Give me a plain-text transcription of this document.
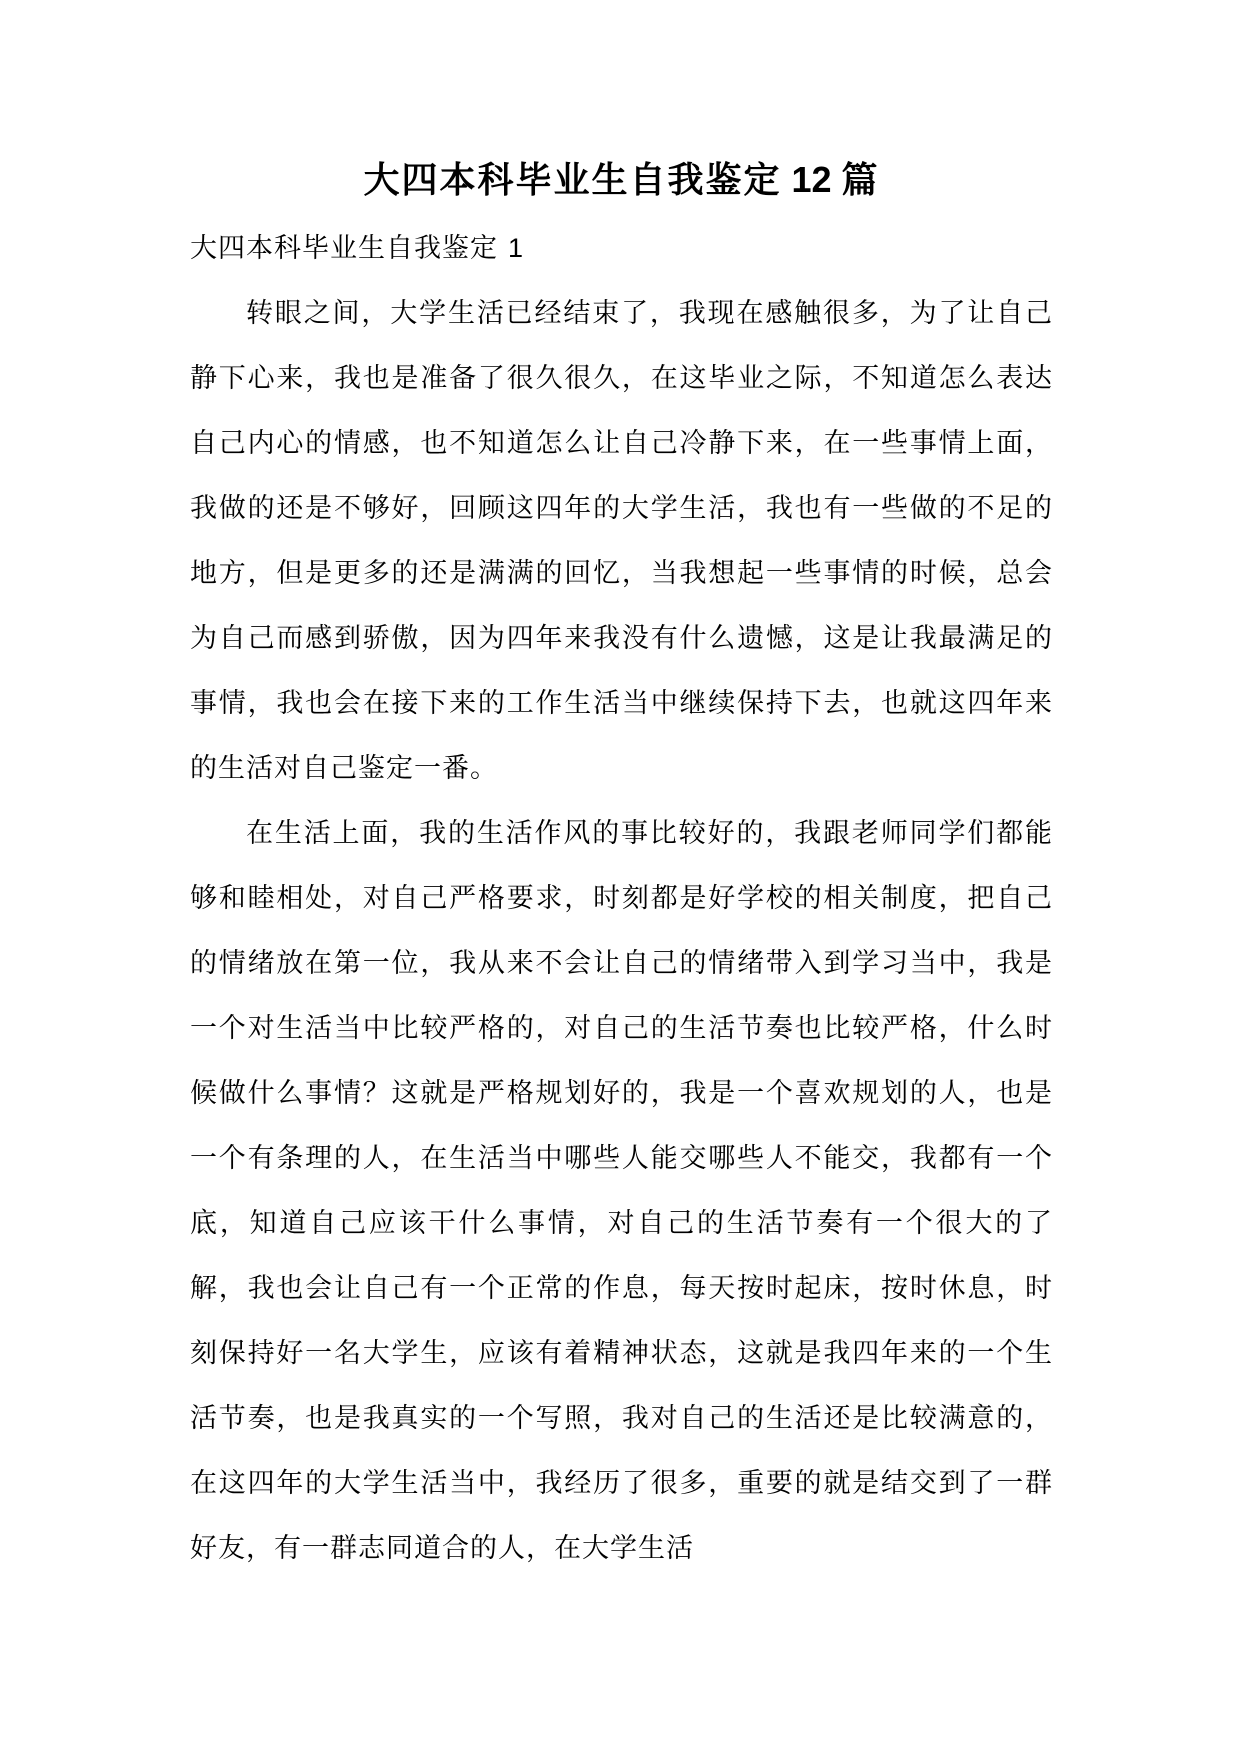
大四本科毕业生自我鉴定 12 篇
大四本科毕业生自我鉴定 1

转眼之间，大学生活已经结束了，我现在感触很多，为了让自己静下心来，我也是准备了很久很久，在这毕业之际，不知道怎么表达自己内心的情感，也不知道怎么让自己冷静下来，在一些事情上面，我做的还是不够好，回顾这四年的大学生活，我也有一些做的不足的地方，但是更多的还是满满的回忆，当我想起一些事情的时候，总会为自己而感到骄傲，因为四年来我没有什么遗憾，这是让我最满足的事情，我也会在接下来的工作生活当中继续保持下去，也就这四年来的生活对自己鉴定一番。

在生活上面，我的生活作风的事比较好的，我跟老师同学们都能够和睦相处，对自己严格要求，时刻都是好学校的相关制度，把自己的情绪放在第一位，我从来不会让自己的情绪带入到学习当中，我是一个对生活当中比较严格的，对自己的生活节奏也比较严格，什么时候做什么事情？这就是严格规划好的，我是一个喜欢规划的人，也是一个有条理的人，在生活当中哪些人能交哪些人不能交，我都有一个底，知道自己应该干什么事情，对自己的生活节奏有一个很大的了解，我也会让自己有一个正常的作息，每天按时起床，按时休息，时刻保持好一名大学生，应该有着精神状态，这就是我四年来的一个生活节奏，也是我真实的一个写照，我对自己的生活还是比较满意的，在这四年的大学生活当中，我经历了很多，重要的就是结交到了一群好友，有一群志同道合的人，在大学生活
